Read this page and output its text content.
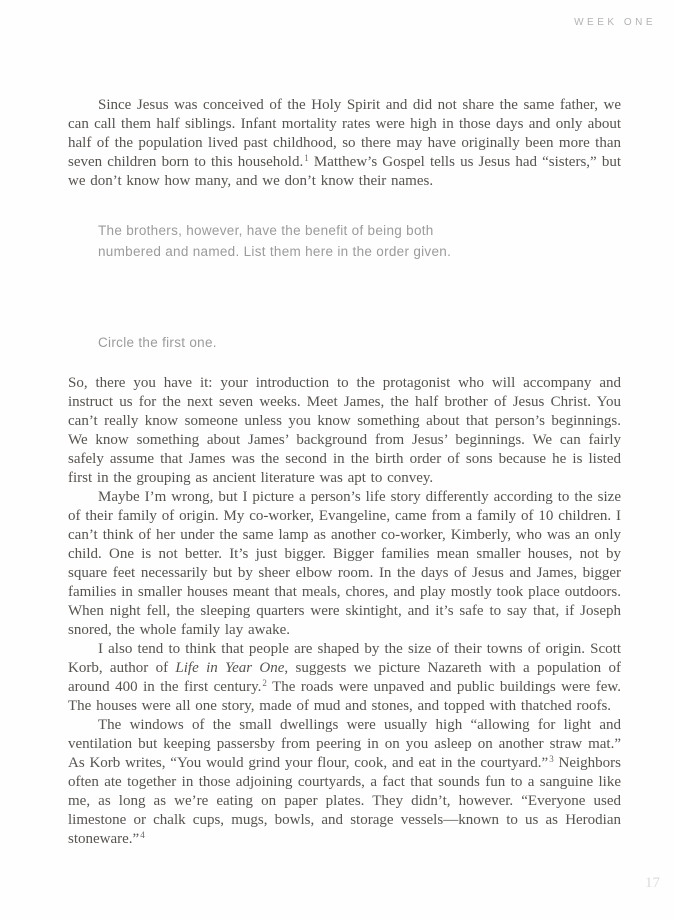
WEEK ONE

Since Jesus was conceived of the Holy Spirit and did not share the same father, we can call them half siblings. Infant mortality rates were high in those days and only about half of the population lived past childhood, so there may have originally been more than seven children born to this household.$^1$ Matthew’s Gospel tells us Jesus had “sisters,” but we don’t know how many, and we don’t know their names.

The brothers, however, have the benefit of being both numbered and named. List them here in the order given.
Circle the first one.

So, there you have it: your introduction to the protagonist who will accompany and instruct us for the next seven weeks. Meet James, the half brother of Jesus Christ. You can’t really know someone unless you know something about that person’s beginnings. We know something about James’ background from Jesus’ beginnings. We can fairly safely assume that James was the second in the birth order of sons because he is listed first in the grouping as ancient literature was apt to convey.

Maybe I’m wrong, but I picture a person’s life story differently according to the size of their family of origin. My co-worker, Evangeline, came from a family of 10 children. I can’t think of her under the same lamp as another co-worker, Kimberly, who was an only child. One is not better. It’s just bigger. Bigger families mean smaller houses, not by square feet necessarily but by sheer elbow room. In the days of Jesus and James, bigger families in smaller houses meant that meals, chores, and play mostly took place outdoors. When night fell, the sleeping quarters were skintight, and it’s safe to say that, if Joseph snored, the whole family lay awake.

I also tend to think that people are shaped by the size of their towns of origin. Scott Korb, author of Life in Year One, suggests we picture Nazareth with a population of around 400 in the first century.$^2$ The roads were unpaved and public buildings were few. The houses were all one story, made of mud and stones, and topped with thatched roofs.

The windows of the small dwellings were usually high “allowing for light and ventilation but keeping passersby from peering in on you asleep on another straw mat.” As Korb writes, “You would grind your flour, cook, and eat in the courtyard.”$^3$ Neighbors often ate together in those adjoining courtyards, a fact that sounds fun to a sanguine like me, as long as we’re eating on paper plates. They didn’t, however. “Everyone used limestone or chalk cups, mugs, bowls, and storage vessels—known to us as Herodian stoneware.”$^4$

17
